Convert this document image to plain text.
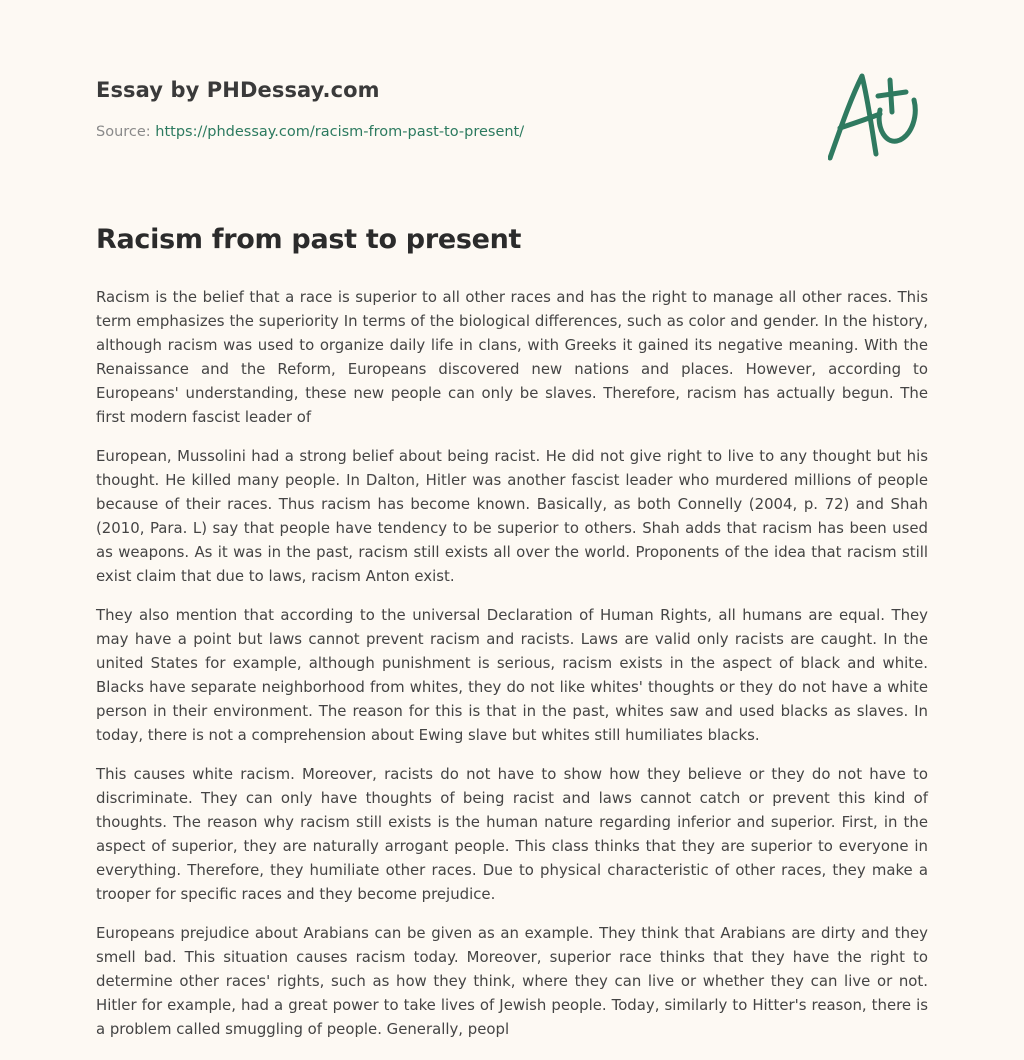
Essay by PHDessay.com
Source: https://phdessay.com/racism-from-past-to-present/
Racism from past to present

Racism is the belief that a race is superior to all other races and has the right to manage all other races. This term emphasizes the superiority In terms of the biological differences, such as color and gender. In the history, although racism was used to organize daily life in clans, with Greeks it gained its negative meaning. With the Renaissance and the Reform, Europeans discovered new nations and places. However, according to Europeans' understanding, these new people can only be slaves. Therefore, racism has actually begun. The first modern fascist leader of

European, Mussolini had a strong belief about being racist. He did not give right to live to any thought but his thought. He killed many people. In Dalton, Hitler was another fascist leader who murdered millions of people because of their races. Thus racism has become known. Basically, as both Connelly (2004, p. 72) and Shah (2010, Para. L) say that people have tendency to be superior to others. Shah adds that racism has been used as weapons. As it was in the past, racism still exists all over the world. Proponents of the idea that racism still exist claim that due to laws, racism Anton exist.

They also mention that according to the universal Declaration of Human Rights, all humans are equal. They may have a point but laws cannot prevent racism and racists. Laws are valid only racists are caught. In the united States for example, although punishment is serious, racism exists in the aspect of black and white. Blacks have separate neighborhood from whites, they do not like whites' thoughts or they do not have a white person in their environment. The reason for this is that in the past, whites saw and used blacks as slaves. In today, there is not a comprehension about Ewing slave but whites still humiliates blacks.

This causes white racism. Moreover, racists do not have to show how they believe or they do not have to discriminate. They can only have thoughts of being racist and laws cannot catch or prevent this kind of thoughts. The reason why racism still exists is the human nature regarding inferior and superior. First, in the aspect of superior, they are naturally arrogant people. This class thinks that they are superior to everyone in everything. Therefore, they humiliate other races. Due to physical characteristic of other races, they make a trooper for specific races and they become prejudice.

Europeans prejudice about Arabians can be given as an example. They think that Arabians are dirty and they smell bad. This situation causes racism today. Moreover, superior race thinks that they have the right to determine other races' rights, such as how they think, where they can live or whether they can live or not. Hitler for example, had a great power to take lives of Jewish people. Today, similarly to Hitter's reason, there is a problem called smuggling of people. Generally, peopl
